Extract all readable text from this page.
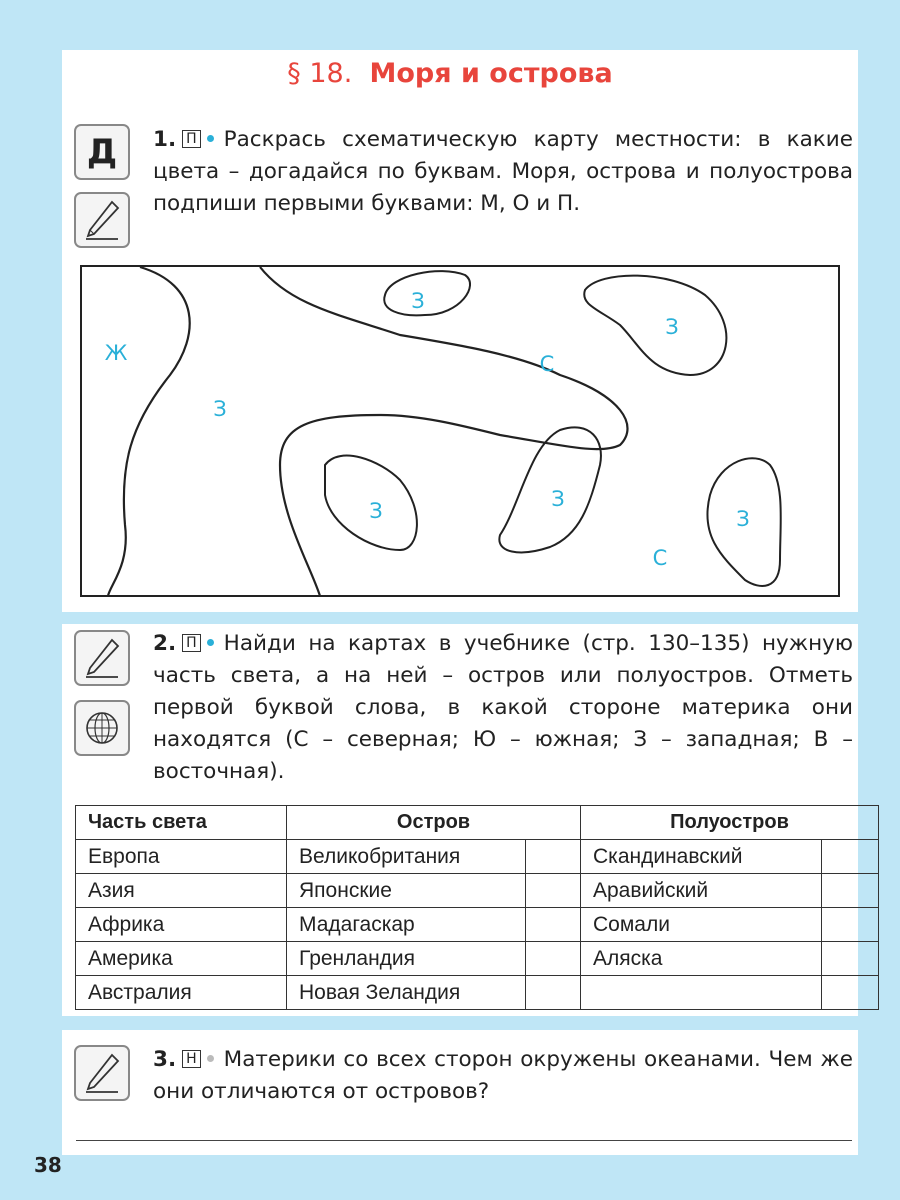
§ 18. Моря и острова
Д 1. П Раскрась схематическую карту местности: в какие цвета – догадайся по буквам. Моря, острова и полуострова подпиши первыми буквами: М, О и П.
Ж
З
З
С
З
З	З
С
З
2. П Найди на картах в учебнике (стр. 130–135) нужную часть света, а на ней – остров или полуостров. Отметь первой буквой слова, в какой стороне материка они находятся (С – северная; Ю – южная; З – западная; В – восточная).
Часть света	Остров		Полуостров	
Европа	Великобритания		Скандинавский	
Азия	Японские		Аравийский	
Африка	Мадагаскар		Сомали	
Америка	Гренландия		Аляска	
Австралия	Новая Зеландия			
3. Н Материки со всех сторон окружены океанами. Чем же они отличаются от островов?
38
